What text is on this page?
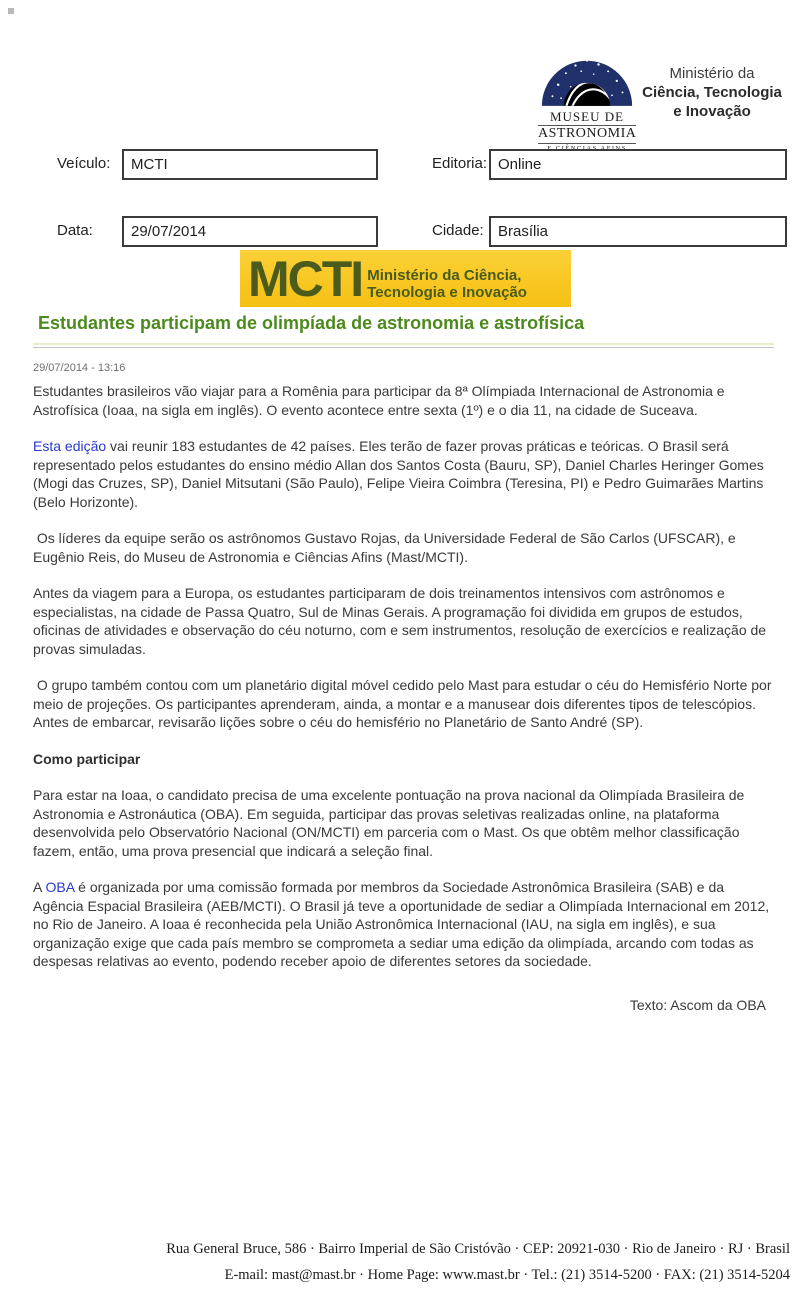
MUSEU DE
ASTRONOMIA
Ministério da
Ciência, Tecnologia
e Inovação
Veículo:	MCTI	Editoria: Online
Data:	29/07/2014	Cidade: Brasília
MCTI Ministério da Ciência,
Tecnologia e Inovação
Estudantes participam de olimpíada de astronomia e astrofísica
29/07/2014 - 13:16

Estudantes brasileiros vão viajar para a Romênia para participar da 8ª Olímpiada Internacional de Astronomia e Astrofísica (Ioaa, na sigla em inglês). O evento acontece entre sexta (1º) e o dia 11, na cidade de Suceava.

Esta edição vai reunir 183 estudantes de 42 países. Eles terão de fazer provas práticas e teóricas. O Brasil será representado pelos estudantes do ensino médio Allan dos Santos Costa (Bauru, SP), Daniel Charles Heringer Gomes (Mogi das Cruzes, SP), Daniel Mitsutani (São Paulo), Felipe Vieira Coimbra (Teresina, PI) e Pedro Guimarães Martins (Belo Horizonte).

Os líderes da equipe serão os astrônomos Gustavo Rojas, da Universidade Federal de São Carlos (UFSCAR), e Eugênio Reis, do Museu de Astronomia e Ciências Afins (Mast/MCTI).

Antes da viagem para a Europa, os estudantes participaram de dois treinamentos intensivos com astrônomos e especialistas, na cidade de Passa Quatro, Sul de Minas Gerais. A programação foi dividida em grupos de estudos, oficinas de atividades e observação do céu noturno, com e sem instrumentos, resolução de exercícios e realização de provas simuladas.

O grupo também contou com um planetário digital móvel cedido pelo Mast para estudar o céu do Hemisfério Norte por meio de projeções. Os participantes aprenderam, ainda, a montar e a manusear dois diferentes tipos de telescópios. Antes de embarcar, revisarão lições sobre o céu do hemisfério no Planetário de Santo André (SP).

Como participar

Para estar na Ioaa, o candidato precisa de uma excelente pontuação na prova nacional da Olimpíada Brasileira de Astronomia e Astronáutica (OBA). Em seguida, participar das provas seletivas realizadas online, na plataforma desenvolvida pelo Observatório Nacional (ON/MCTI) em parceria com o Mast. Os que obtêm melhor classificação fazem, então, uma prova presencial que indicará a seleção final.

A OBA é organizada por uma comissão formada por membros da Sociedade Astronômica Brasileira (SAB) e da Agência Espacial Brasileira (AEB/MCTI). O Brasil já teve a oportunidade de sediar a Olimpíada Internacional em 2012, no Rio de Janeiro. A Ioaa é reconhecida pela União Astronômica Internacional (IAU, na sigla em inglês), e sua organização exige que cada país membro se comprometa a sediar uma edição da olimpíada, arcando com todas as despesas relativas ao evento, podendo receber apoio de diferentes setores da sociedade.

Texto: Ascom da OBA
Rua General Bruce, 586 · Bairro Imperial de São Cristóvão · CEP: 20921-030 · Rio de Janeiro · RJ · Brasil
E-mail: mast@mast.br · Home Page: www.mast.br · Tel.: (21) 3514-5200 · FAX: (21) 3514-5204
